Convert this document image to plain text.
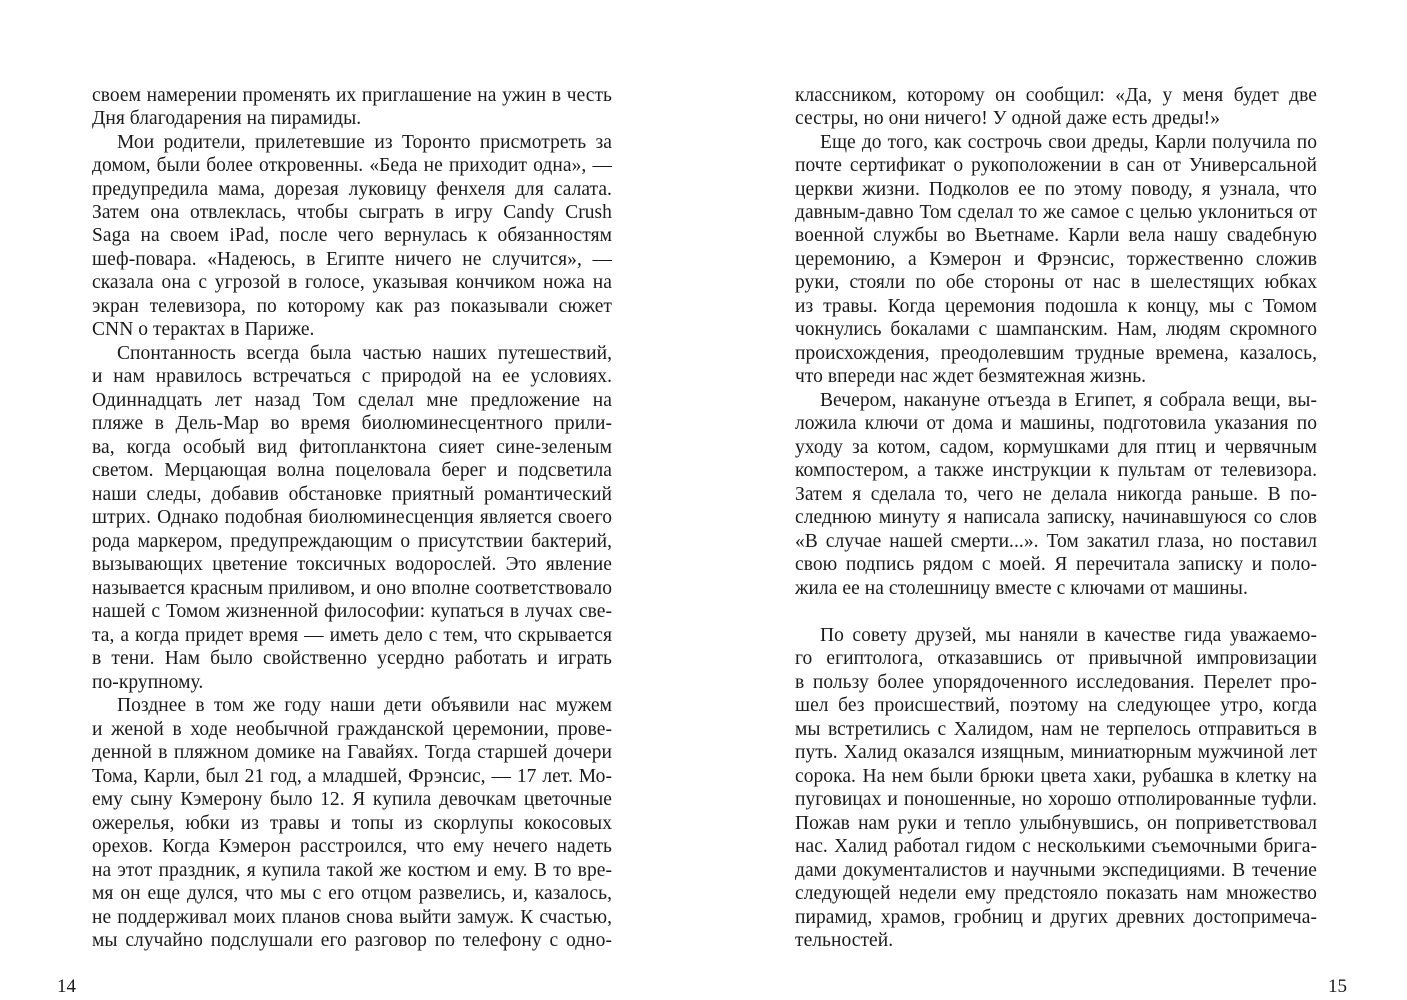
своем намерении променять их приглашение на ужин в честь
Дня благодарения на пирамиды.
Мои родители, прилетевшие из Торонто присмотреть за
домом, были более откровенны. «Беда не приходит одна», —
предупредила мама, дорезая луковицу фенхеля для салата.
Затем она отвлеклась, чтобы сыграть в игру Candy Crush
Saga на своем iPad, после чего вернулась к обязанностям
шеф-повара. «Надеюсь, в Египте ничего не случится», —
сказала она с угрозой в голосе, указывая кончиком ножа на
экран телевизора, по которому как раз показывали сюжет
CNN о терактах в Париже.
Спонтанность всегда была частью наших путешествий,
и нам нравилось встречаться с природой на ее условиях.
Одиннадцать лет назад Том сделал мне предложение на
пляже в Дель-Мар во время биолюминесцентного прили-
ва, когда особый вид фитопланктона сияет сине-зеленым
светом. Мерцающая волна поцеловала берег и подсветила
наши следы, добавив обстановке приятный романтический
штрих. Однако подобная биолюминесценция является своего
рода маркером, предупреждающим о присутствии бактерий,
вызывающих цветение токсичных водорослей. Это явление
называется красным приливом, и оно вполне соответствовало
нашей с Томом жизненной философии: купаться в лучах све-
та, а когда придет время — иметь дело с тем, что скрывается
в тени. Нам было свойственно усердно работать и играть
по-крупному.
Позднее в том же году наши дети объявили нас мужем
и женой в ходе необычной гражданской церемонии, прове-
денной в пляжном домике на Гавайях. Тогда старшей дочери
Тома, Карли, был 21 год, а младшей, Фрэнсис, — 17 лет. Мо-
ему сыну Кэмерону было 12. Я купила девочкам цветочные
ожерелья, юбки из травы и топы из скорлупы кокосовых
орехов. Когда Кэмерон расстроился, что ему нечего надеть
на этот праздник, я купила такой же костюм и ему. В то вре-
мя он еще дулся, что мы с его отцом развелись, и, казалось,
не поддерживал моих планов снова выйти замуж. К счастью,
мы случайно подслушали его разговор по телефону с одно-
14
классником, которому он сообщил: «Да, у меня будет две
сестры, но они ничего! У одной даже есть дреды!»
Еще до того, как сострочь свои дреды, Карли получила по
почте сертификат о рукоположении в сан от Универсальной
церкви жизни. Подколов ее по этому поводу, я узнала, что
давным-давно Том сделал то же самое с целью уклониться от
военной службы во Вьетнаме. Карли вела нашу свадебную
церемонию, а Кэмерон и Фрэнсис, торжественно сложив
руки, стояли по обе стороны от нас в шелестящих юбках
из травы. Когда церемония подошла к концу, мы с Томом
чокнулись бокалами с шампанским. Нам, людям скромного
происхождения, преодолевшим трудные времена, казалось,
что впереди нас ждет безмятежная жизнь.
Вечером, накануне отъезда в Египет, я собрала вещи, вы-
ложила ключи от дома и машины, подготовила указания по
уходу за котом, садом, кормушками для птиц и червячным
компостером, а также инструкции к пультам от телевизора.
Затем я сделала то, чего не делала никогда раньше. В по-
следнюю минуту я написала записку, начинавшуюся со слов
«В случае нашей смерти...». Том закатил глаза, но поставил
свою подпись рядом с моей. Я перечитала записку и поло-
жила ее на столешницу вместе с ключами от машины.
По совету друзей, мы наняли в качестве гида уважаемо-
го египтолога, отказавшись от привычной импровизации
в пользу более упорядоченного исследования. Перелет про-
шел без происшествий, поэтому на следующее утро, когда
мы встретились с Халидом, нам не терпелось отправиться в
путь. Халид оказался изящным, миниатюрным мужчиной лет
сорока. На нем были брюки цвета хаки, рубашка в клетку на
пуговицах и поношенные, но хорошо отполированные туфли.
Пожав нам руки и тепло улыбнувшись, он поприветствовал
нас. Халид работал гидом с несколькими съемочными брига-
дами документалистов и научными экспедициями. В течение
следующей недели ему предстояло показать нам множество
пирамид, храмов, гробниц и других древних достопримеча-
тельностей.
15
